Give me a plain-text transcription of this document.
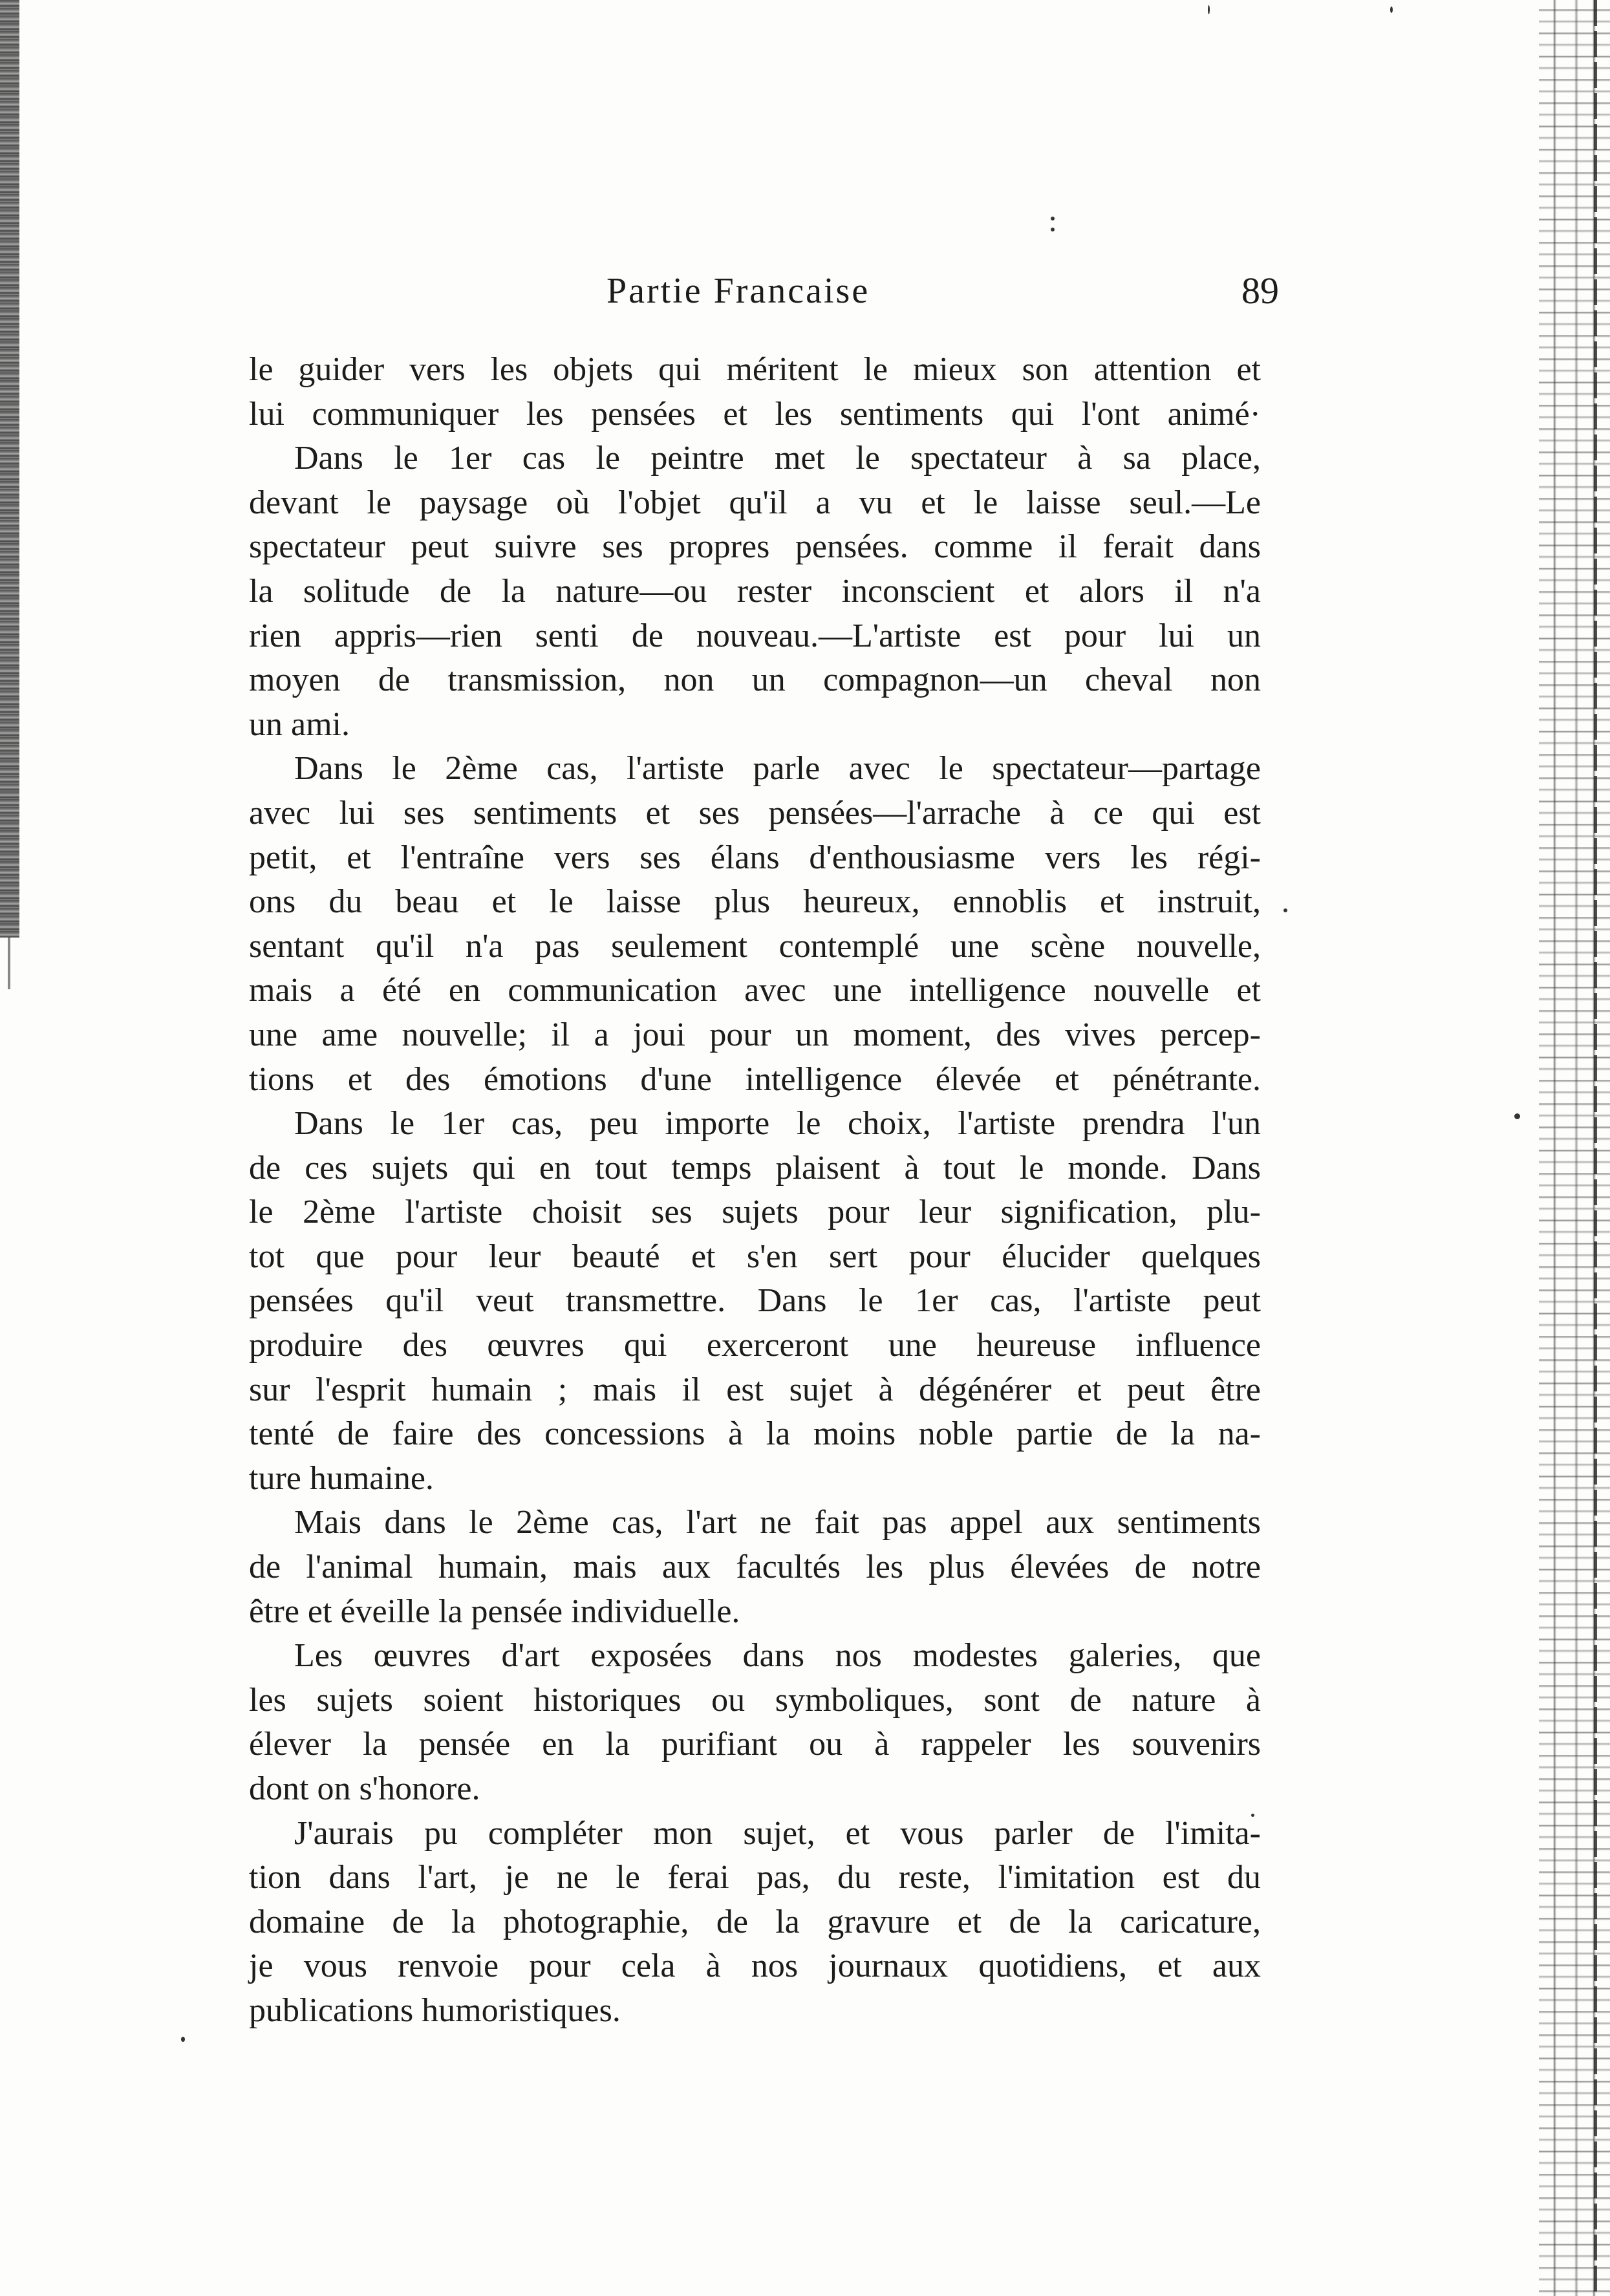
Partie Francaise	89
le guider vers les objets qui méritent le mieux son attention et
lui communiquer les pensées et les sentiments qui l'ont animé·
Dans le 1er cas le peintre met le spectateur à sa place,
devant le paysage où l'objet qu'il a vu et le laisse seul.—Le
spectateur peut suivre ses propres pensées. comme il ferait dans
la solitude de la nature—ou rester inconscient et alors il n'a
rien appris—rien senti de nouveau.—L'artiste est pour lui un
moyen de transmission, non un compagnon—un cheval non
un ami.
Dans le 2ème cas, l'artiste parle avec le spectateur—partage
avec lui ses sentiments et ses pensées—l'arrache à ce qui est
petit, et l'entraîne vers ses élans d'enthousiasme vers les régi-
ons du beau et le laisse plus heureux, ennoblis et instruit,
sentant qu'il n'a pas seulement contemplé une scène nouvelle,
mais a été en communication avec une intelligence nouvelle et
une ame nouvelle; il a joui pour un moment, des vives percep-
tions et des émotions d'une intelligence élevée et pénétrante.
Dans le 1er cas, peu importe le choix, l'artiste prendra l'un
de ces sujets qui en tout temps plaisent à tout le monde. Dans
le 2ème l'artiste choisit ses sujets pour leur signification, plu-
tot que pour leur beauté et s'en sert pour élucider quelques
pensées qu'il veut transmettre. Dans le 1er cas, l'artiste peut
produire des œuvres qui exerceront une heureuse influence
sur l'esprit humain ; mais il est sujet à dégénérer et peut être
tenté de faire des concessions à la moins noble partie de la na-
ture humaine.
Mais dans le 2ème cas, l'art ne fait pas appel aux sentiments
de l'animal humain, mais aux facultés les plus élevées de notre
être et éveille la pensée individuelle.
Les œuvres d'art exposées dans nos modestes galeries, que
les sujets soient historiques ou symboliques, sont de nature à
élever la pensée en la purifiant ou à rappeler les souvenirs
dont on s'honore.
J'aurais pu compléter mon sujet, et vous parler de l'imita-
tion dans l'art, je ne le ferai pas, du reste, l'imitation est du
domaine de la photographie, de la gravure et de la caricature,
je vous renvoie pour cela à nos journaux quotidiens, et aux
publications humoristiques.
